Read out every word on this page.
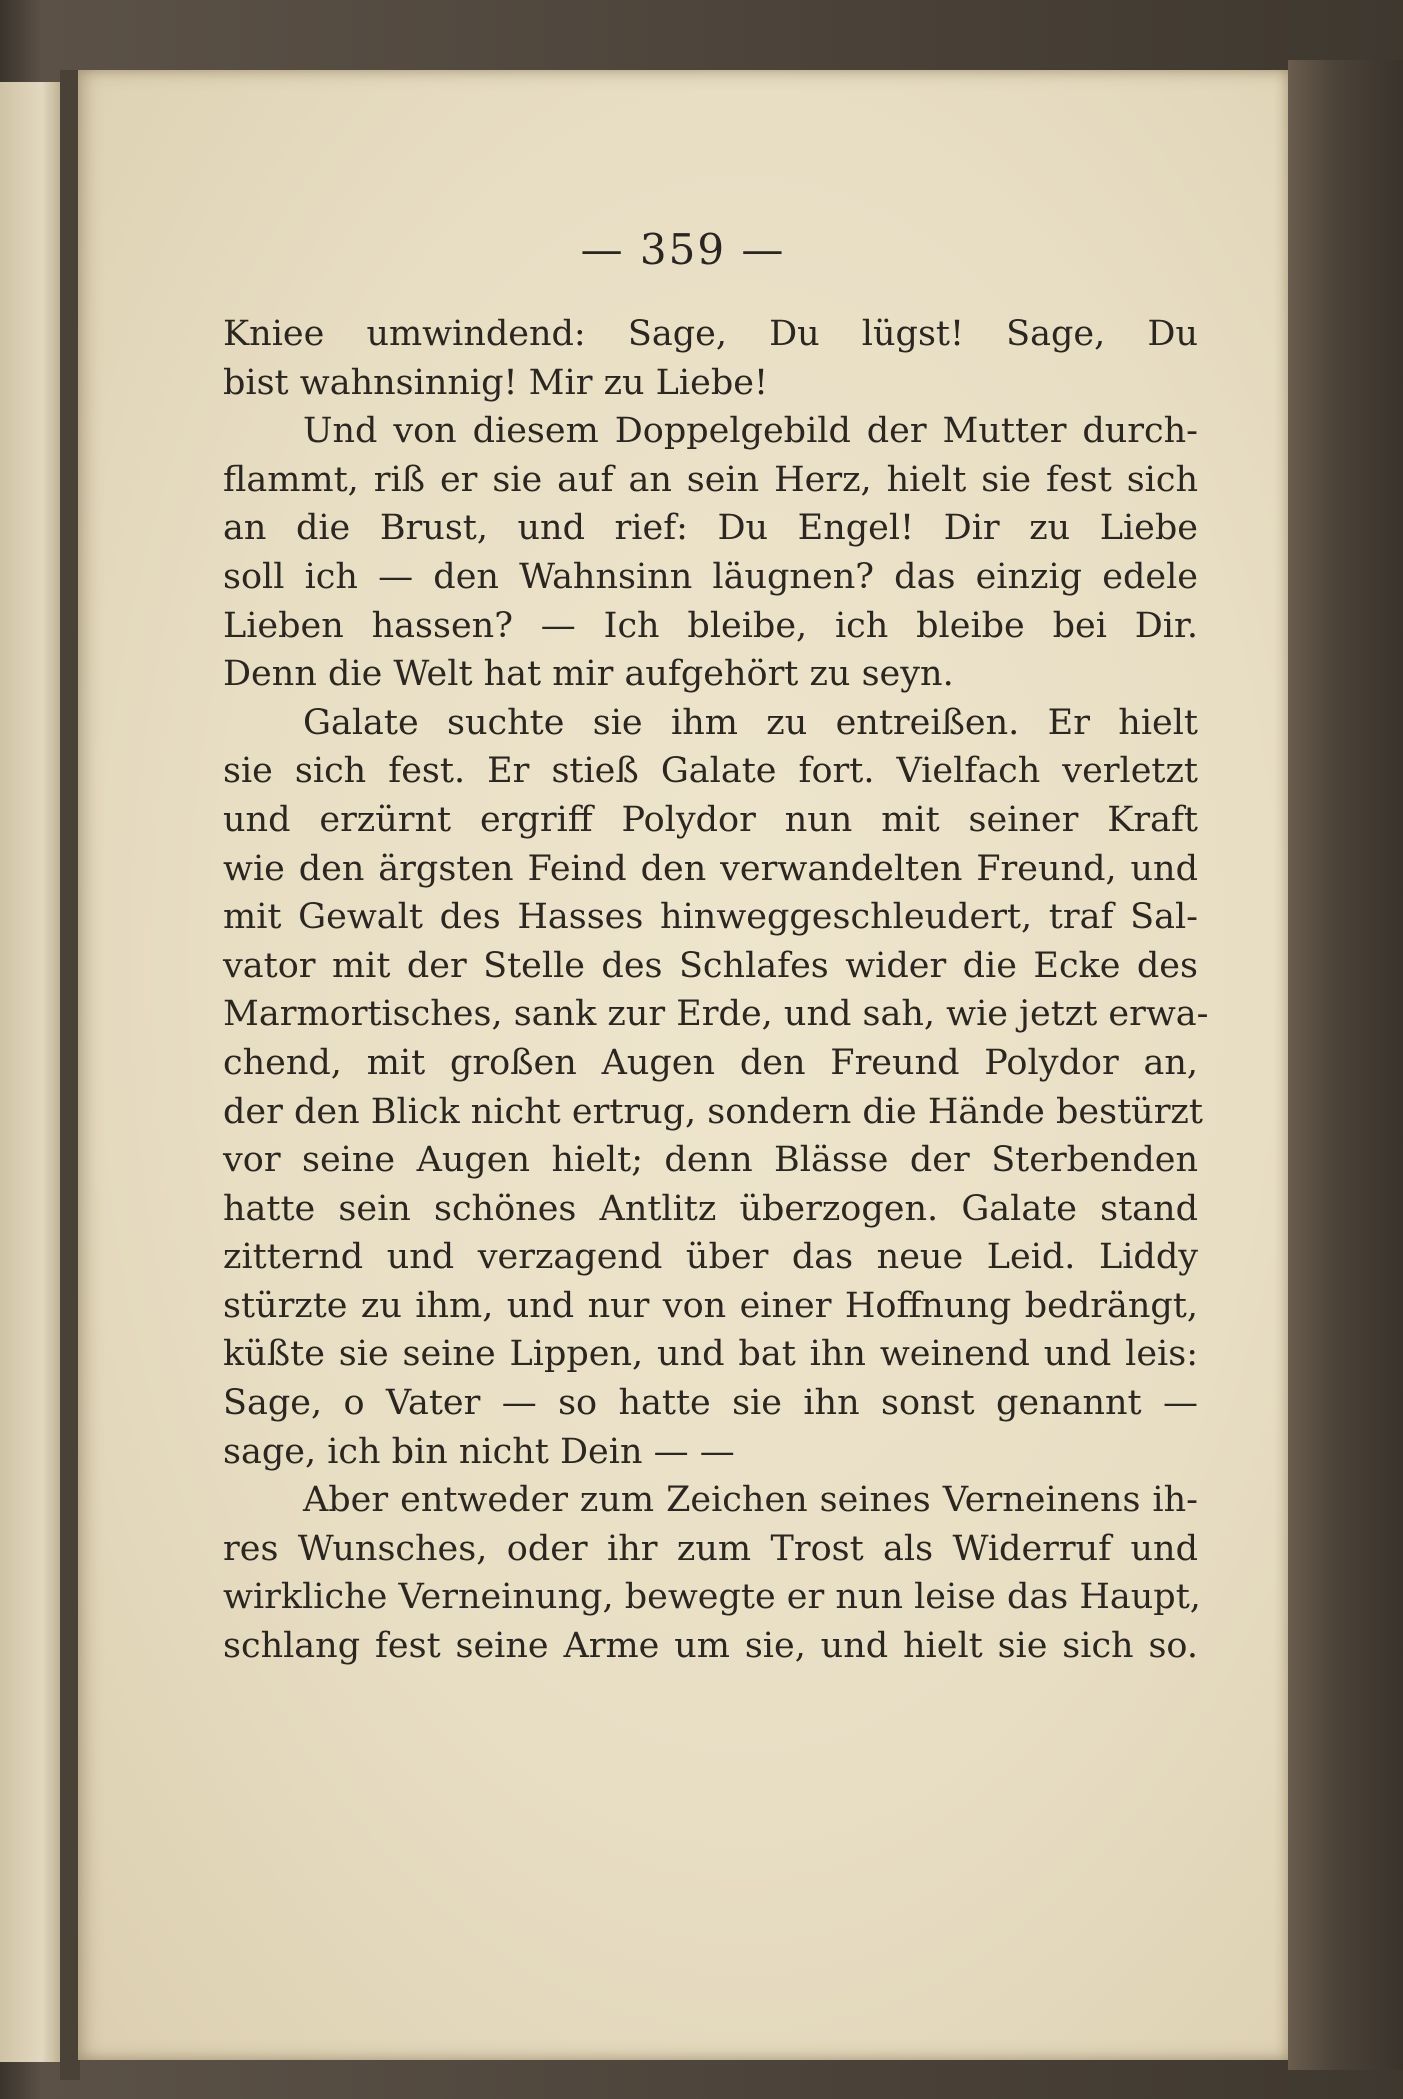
— 359 —
Kniee umwindend: Sage, Du lügst! Sage, Du
bist wahnsinnig! Mir zu Liebe!
Und von diesem Doppelgebild der Mutter durch-
flammt, riß er sie auf an sein Herz, hielt sie fest sich
an die Brust, und rief: Du Engel! Dir zu Liebe
soll ich — den Wahnsinn läugnen? das einzig edele
Lieben hassen? — Ich bleibe, ich bleibe bei Dir.
Denn die Welt hat mir aufgehört zu seyn.
Galate suchte sie ihm zu entreißen. Er hielt
sie sich fest. Er stieß Galate fort. Vielfach verletzt
und erzürnt ergriff Polydor nun mit seiner Kraft
wie den ärgsten Feind den verwandelten Freund, und
mit Gewalt des Hasses hinweggeschleudert, traf Sal-
vator mit der Stelle des Schlafes wider die Ecke des
Marmortisches, sank zur Erde, und sah, wie jetzt erwa-
chend, mit großen Augen den Freund Polydor an,
der den Blick nicht ertrug, sondern die Hände bestürzt
vor seine Augen hielt; denn Blässe der Sterbenden
hatte sein schönes Antlitz überzogen. Galate stand
zitternd und verzagend über das neue Leid. Liddy
stürzte zu ihm, und nur von einer Hoffnung bedrängt,
küßte sie seine Lippen, und bat ihn weinend und leis:
Sage, o Vater — so hatte sie ihn sonst genannt —
sage, ich bin nicht Dein — —
Aber entweder zum Zeichen seines Verneinens ih-
res Wunsches, oder ihr zum Trost als Widerruf und
wirkliche Verneinung, bewegte er nun leise das Haupt,
schlang fest seine Arme um sie, und hielt sie sich so.
